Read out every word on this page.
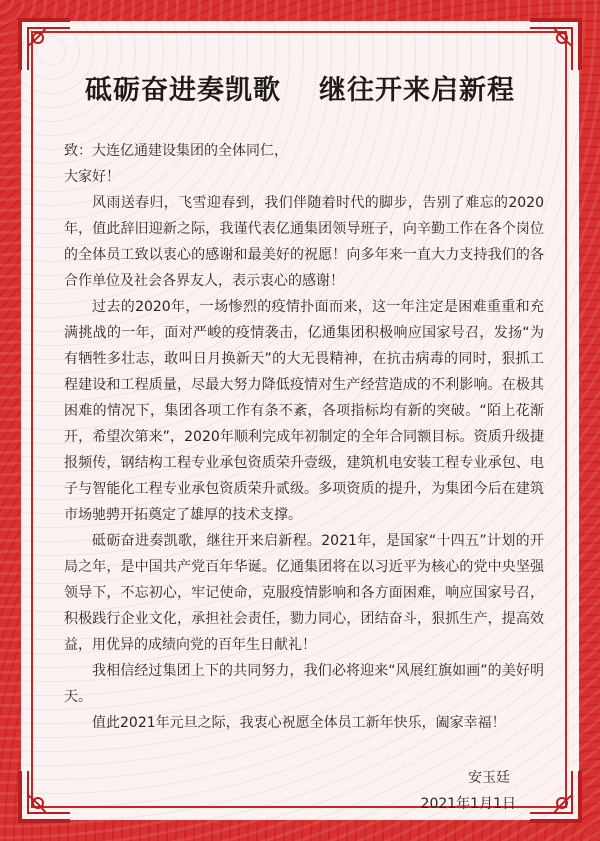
砥砺奋进奏凯歌 继往开来启新程

致：大连亿通建设集团的全体同仁，

大家好！

风雨送春归，飞雪迎春到，我们伴随着时代的脚步，告别了难忘的2020年，值此辞旧迎新之际，我谨代表亿通集团领导班子，向辛勤工作在各个岗位的全体员工致以衷心的感谢和最美好的祝愿！向多年来一直大力支持我们的各合作单位及社会各界友人，表示衷心的感谢！

过去的2020年，一场惨烈的疫情扑面而来，这一年注定是困难重重和充满挑战的一年，面对严峻的疫情袭击，亿通集团积极响应国家号召，发扬“为有牺牲多壮志，敢叫日月换新天”的大无畏精神，在抗击病毒的同时，狠抓工程建设和工程质量，尽最大努力降低疫情对生产经营造成的不利影响。在极其困难的情况下，集团各项工作有条不紊，各项指标均有新的突破。“陌上花渐开，希望次第来”，2020年顺利完成年初制定的全年合同额目标。资质升级捷报频传，钢结构工程专业承包资质荣升壹级，建筑机电安装工程专业承包、电子与智能化工程专业承包资质荣升贰级。多项资质的提升，为集团今后在建筑市场驰骋开拓奠定了雄厚的技术支撑。

砥砺奋进奏凯歌，继往开来启新程。2021年，是国家“十四五”计划的开局之年，是中国共产党百年华诞。亿通集团将在以习近平为核心的党中央坚强领导下，不忘初心，牢记使命，克服疫情影响和各方面困难，响应国家号召，积极践行企业文化，承担社会责任，勠力同心，团结奋斗，狠抓生产，提高效益，用优异的成绩向党的百年生日献礼！

我相信经过集团上下的共同努力，我们必将迎来“风展红旗如画”的美好明天。

值此2021年元旦之际，我衷心祝愿全体员工新年快乐，阖家幸福！

安玉廷
2021年1月1日
